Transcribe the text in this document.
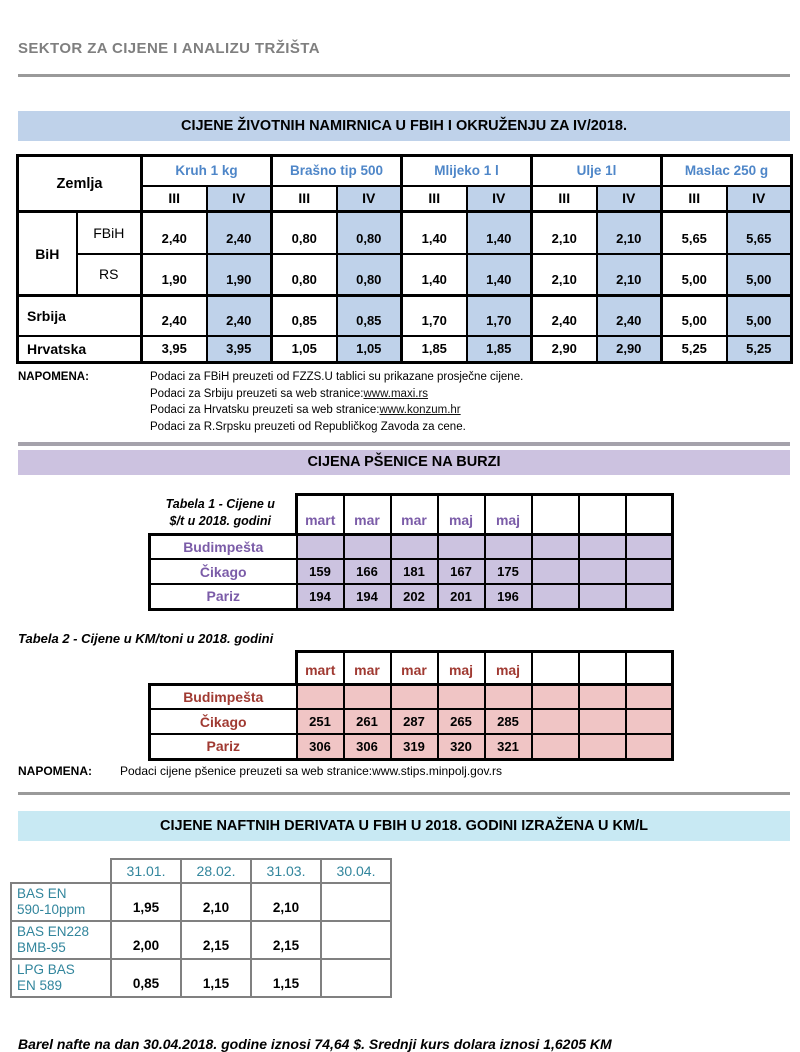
SEKTOR ZA CIJENE I ANALIZU TRŽIŠTA
CIJENE ŽIVOTNIH NAMIRNICA U FBIH I OKRUŽENJU ZA IV/2018.
Zemlja		Kruh 1 kg		Brašno tip 500		Mlijeko 1 l		Ulje 1l		Maslac 250 g	
		III	IV	III	IV	III	IV	III	IV	III	IV
BiH	FBiH	2,40	2,40	0,80	0,80	1,40	1,40	2,10	2,10	5,65	5,65
	RS	1,90	1,90	0,80	0,80	1,40	1,40	2,10	2,10	5,00	5,00
Srbija		2,40	2,40	0,85	0,85	1,70	1,70	2,40	2,40	5,00	5,00
Hrvatska		3,95	3,95	1,05	1,05	1,85	1,85	2,90	2,90	5,25	5,25
NAPOMENA:	Podaci za FBiH preuzeti od FZZS.U tablici su prikazane prosječne cijene.
Podaci za Srbiju preuzeti sa web stranice: www.maxi.rs
Podaci za Hrvatsku preuzeti sa web stranice: www.konzum.hr
Podaci za R.Srpsku preuzeti od Republičkog Zavoda za cene.
CIJENA PŠENICE NA BURZI
Tabela 1 - Cijene u
$/t u 2018. godini	mart	mar	mar	maj	maj			
Budimpešta								
Čikago	159	166	181	167	175			
Pariz	194	194	202	201	196			
Tabela 2 - Cijene u KM/toni u 2018. godini
	mart	mar	mar	maj	maj			
Budimpešta								
Čikago	251	261	287	265	285			
Pariz	306	306	319	320	321			
NAPOMENA:	Podaci cijene pšenice preuzeti sa web stranice:www.stips.minpolj.gov.rs
CIJENE NAFTNIH DERIVATA U FBIH U 2018. GODINI IZRAŽENA U KM/L
	31.01.	28.02.	31.03.	30.04.

BAS EN
590-10ppm	1,95	2,10	2,10	

BAS EN228
BMB-95	2,00	2,15	2,15	

LPG BAS
EN 589	0,85	1,15	1,15	
Barel nafte na dan 30.04.2018. godine iznosi 74,64 $. Srednji kurs dolara iznosi 1,6205 KM
